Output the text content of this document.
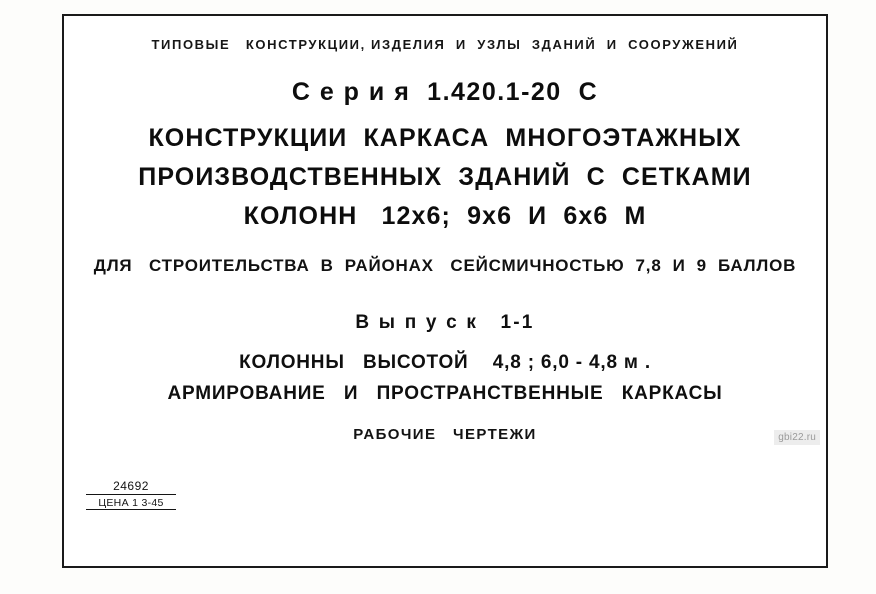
ТИПОВЫЕ   КОНСТРУКЦИИ, ИЗДЕЛИЯ  И  УЗЛЫ  ЗДАНИЙ  И  СООРУЖЕНИЙ
С е р и я  1.420.1-20  С
КОНСТРУКЦИИ  КАРКАСА  МНОГОЭТАЖНЫХ
ПРОИЗВОДСТВЕННЫХ  ЗДАНИЙ  С  СЕТКАМИ
КОЛОНН   12х6;  9х6  И  6х6  М
ДЛЯ   СТРОИТЕЛЬСТВА  В  РАЙОНАХ   СЕЙСМИЧНОСТЬЮ  7,8  И  9  БАЛЛОВ
В ы п у с к   1-1
КОЛОННЫ   ВЫСОТОЙ    4,8 ; 6,0 - 4,8 м .
АРМИРОВАНИЕ   И   ПРОСТРАНСТВЕННЫЕ   КАРКАСЫ
РАБОЧИЕ   ЧЕРТЕЖИ
24692
ЦЕНА 1 3-45
gbi22.ru
